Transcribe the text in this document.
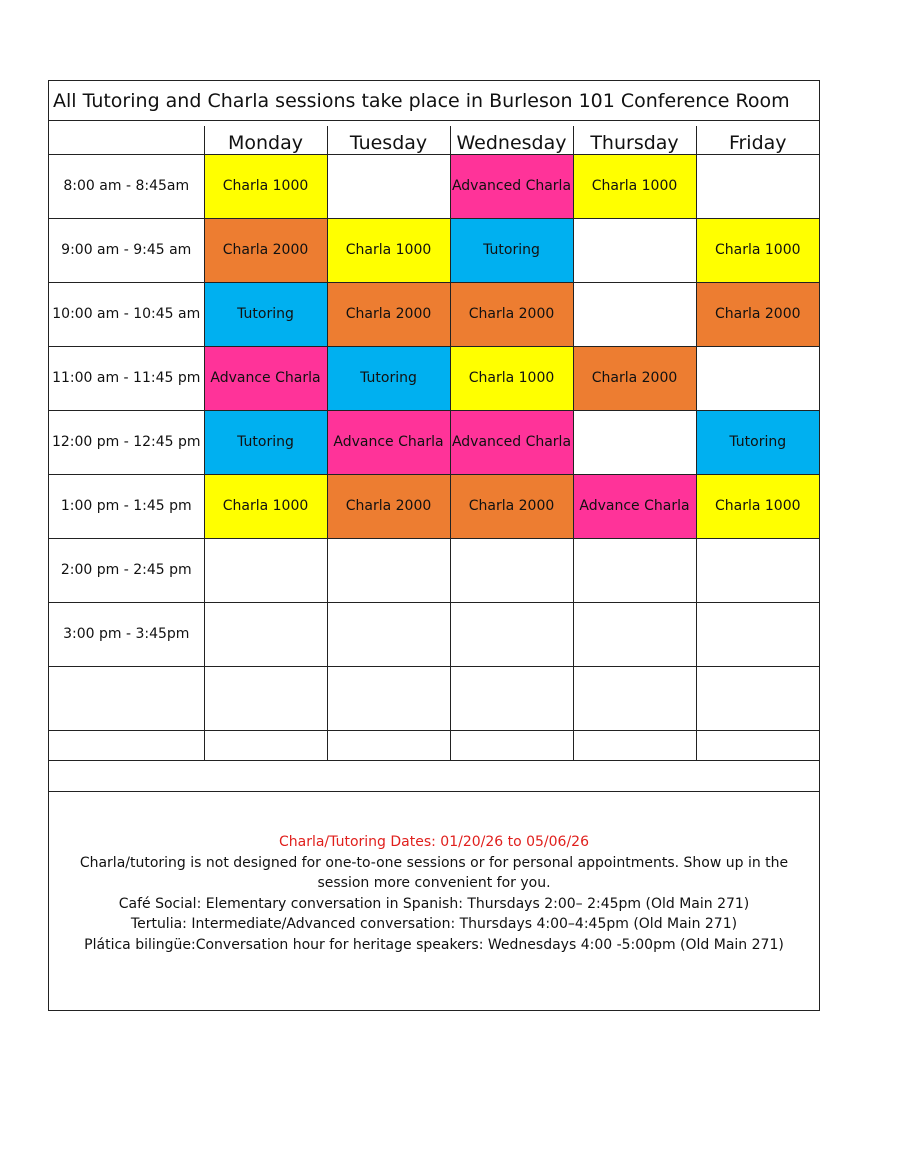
All Tutoring and Charla sessions take place in Burleson 101 Conference Room
	Monday	Tuesday	Wednesday	Thursday	Friday
8:00 am - 8:45am	Charla 1000		Advanced Charla	Charla 1000	
9:00 am - 9:45 am	Charla 2000	Charla 1000	Tutoring		Charla 1000
10:00 am - 10:45 am	Tutoring	Charla 2000	Charla 2000		Charla 2000
11:00 am - 11:45 pm	Advance Charla	Tutoring	Charla 1000	Charla 2000	
12:00 pm - 12:45 pm	Tutoring	Advance Charla	Advanced Charla		Tutoring
1:00 pm - 1:45 pm	Charla 1000	Charla 2000	Charla 2000	Advance Charla	Charla 1000
2:00 pm - 2:45 pm					
3:00 pm - 3:45pm					

Charla/Tutoring Dates: 01/20/26 to 05/06/26

Charla/tutoring is not designed for one-to-one sessions or for personal appointments. Show up in the session more convenient for you.

Café Social: Elementary conversation in Spanish: Thursdays 2:00– 2:45pm (Old Main 271)

Tertulia: Intermediate/Advanced conversation: Thursdays 4:00–4:45pm (Old Main 271)

Plática bilingüe:Conversation hour for heritage speakers: Wednesdays 4:00 -5:00pm (Old Main 271)
